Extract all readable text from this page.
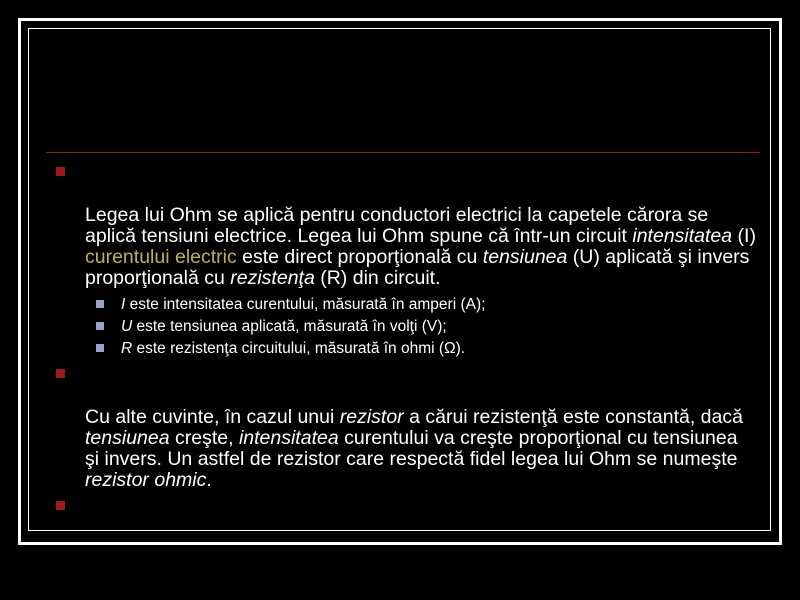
Legea lui Ohm se aplică pentru conductori electrici la capetele cărora se aplică tensiuni electrice. Legea lui Ohm spune că într-un circuit intensitatea (I) curentului electric este direct proporţională cu tensiunea (U) aplicată şi invers proporţională cu rezistenţa (R) din circuit.

I este intensitatea curentului, măsurată în amperi (A);
U este tensiunea aplicată, măsurată în volţi (V);
R este rezistenţa circuitului, măsurată în ohmi (Ω).

Cu alte cuvinte, în cazul unui rezistor a cărui rezistenţă este constantă, dacă tensiunea creşte, intensitatea curentului va creşte proporţional cu tensiunea şi invers. Un astfel de rezistor care respectă fidel legea lui Ohm se numeşte rezistor ohmic.
